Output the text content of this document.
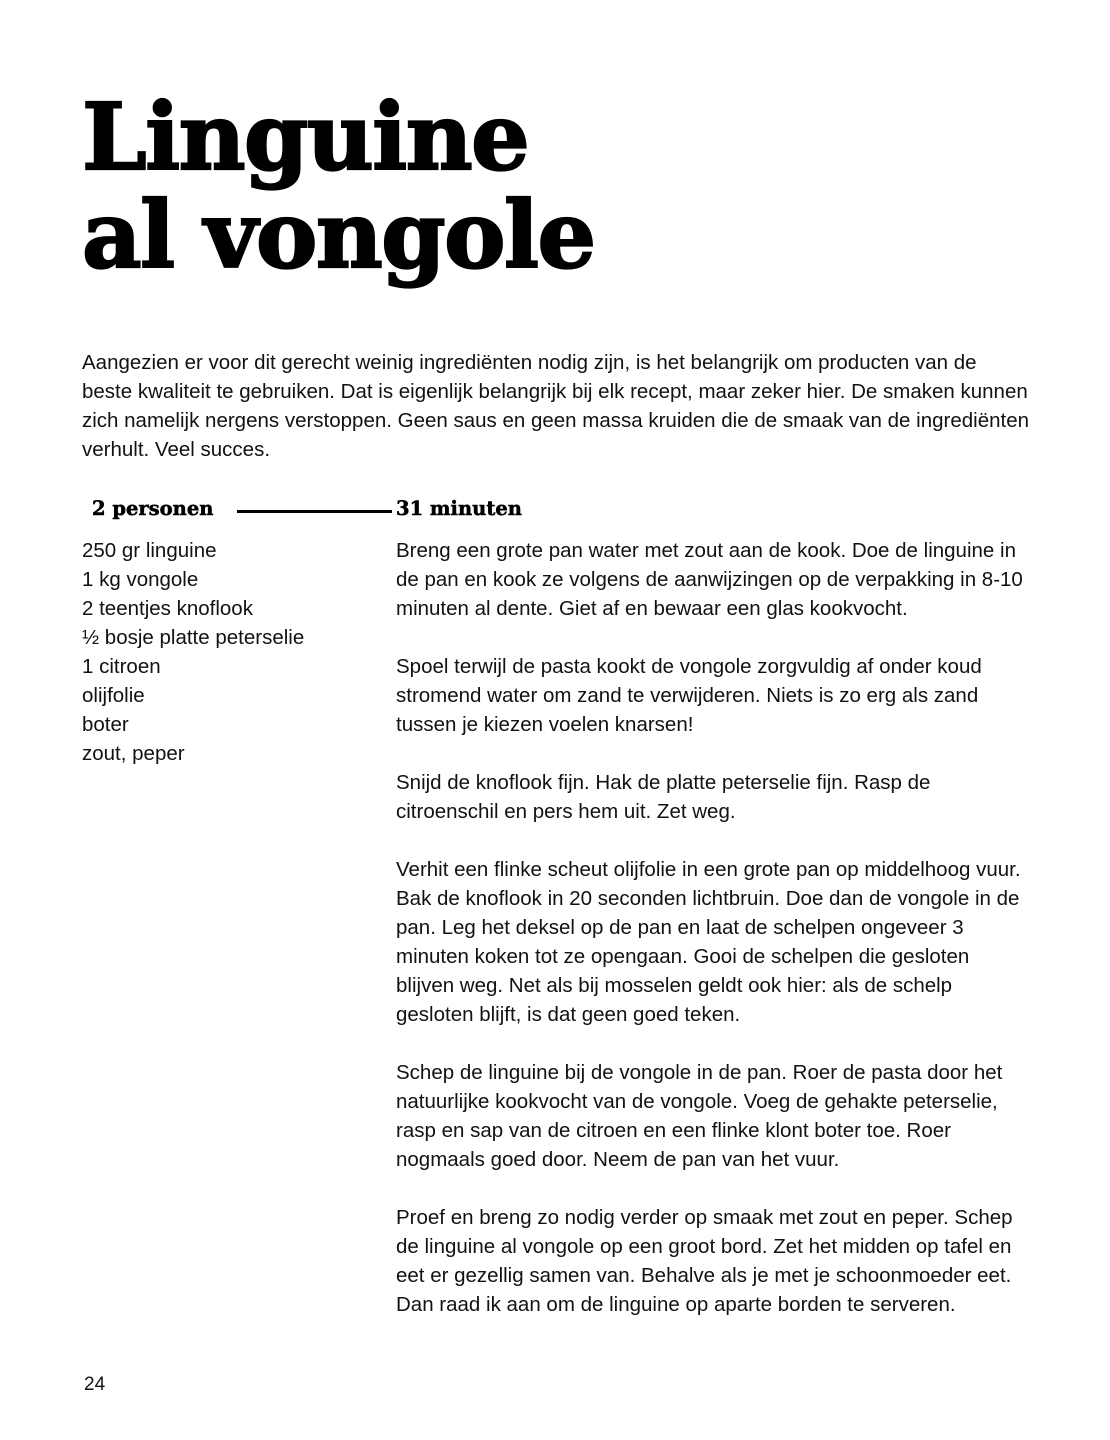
Linguine
al vongole

Aangezien er voor dit gerecht weinig ingrediënten nodig zijn, is het belangrijk om producten van de beste kwaliteit te gebruiken. Dat is eigenlijk belangrijk bij elk recept, maar zeker hier. De smaken kunnen zich namelijk nergens verstoppen. Geen saus en geen massa kruiden die de smaak van de ingrediënten verhult. Veel succes.

2 personen	31 minuten
250 gr linguine
1 kg vongole
2 teentjes knoflook
½ bosje platte peterselie
1 citroen
olijfolie
boter
zout, peper

Breng een grote pan water met zout aan de kook. Doe de linguine in de pan en kook ze volgens de aanwijzingen op de verpakking in 8-10 minuten al dente. Giet af en bewaar een glas kookvocht.

Spoel terwijl de pasta kookt de vongole zorgvuldig af onder koud stromend water om zand te verwijderen. Niets is zo erg als zand tussen je kiezen voelen knarsen!

Snijd de knoflook fijn. Hak de platte peterselie fijn. Rasp de citroenschil en pers hem uit. Zet weg.

Verhit een flinke scheut olijfolie in een grote pan op middelhoog vuur. Bak de knoflook in 20 seconden lichtbruin. Doe dan de vongole in de pan. Leg het deksel op de pan en laat de schelpen ongeveer 3 minuten koken tot ze opengaan. Gooi de schelpen die gesloten blijven weg. Net als bij mosselen geldt ook hier: als de schelp gesloten blijft, is dat geen goed teken.

Schep de linguine bij de vongole in de pan. Roer de pasta door het natuurlijke kookvocht van de vongole. Voeg de gehakte peterselie, rasp en sap van de citroen en een flinke klont boter toe. Roer nogmaals goed door. Neem de pan van het vuur.

Proef en breng zo nodig verder op smaak met zout en peper. Schep de linguine al vongole op een groot bord. Zet het midden op tafel en eet er gezellig samen van. Behalve als je met je schoonmoeder eet. Dan raad ik aan om de linguine op aparte borden te serveren.

24
